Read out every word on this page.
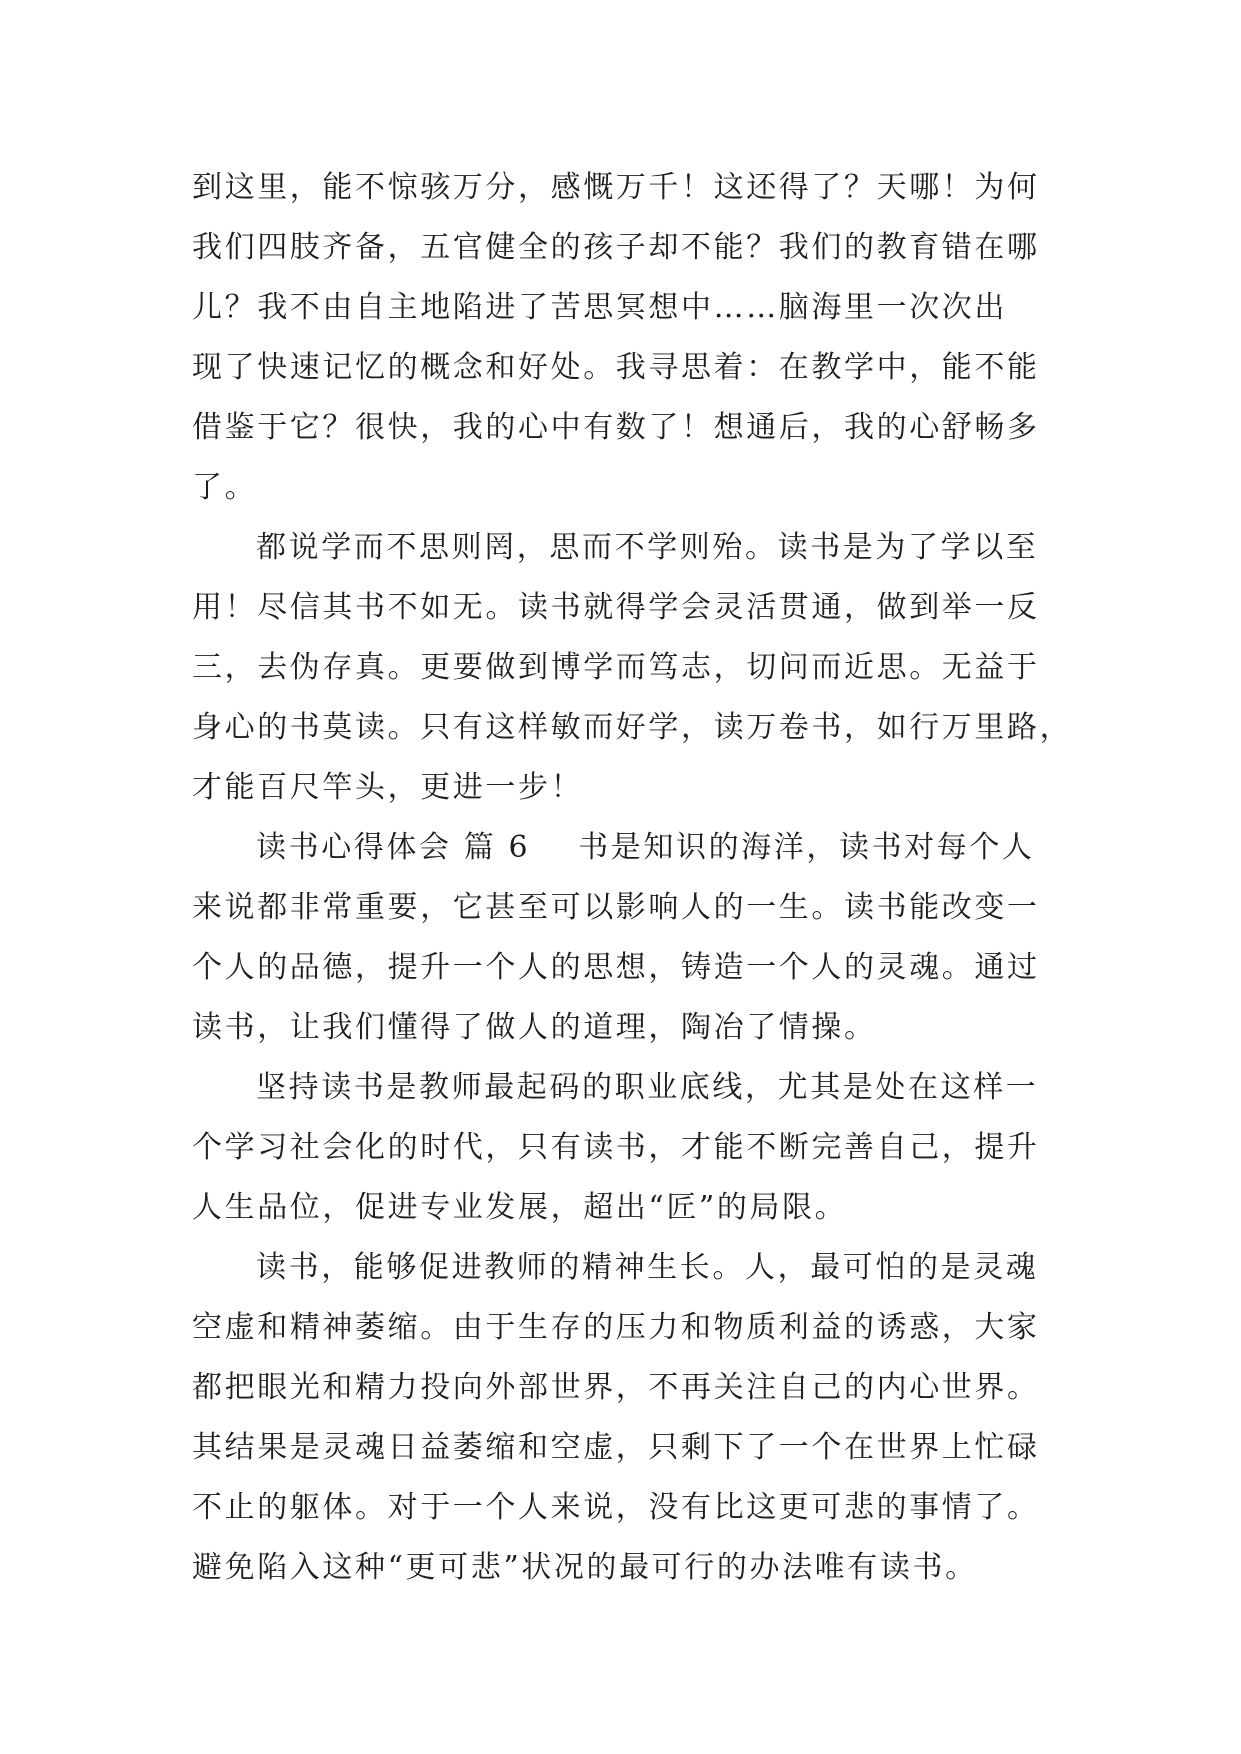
到这里，能不惊骇万分，感慨万千！这还得了？天哪！为何
我们四肢齐备，五官健全的孩子却不能？我们的教育错在哪
儿？我不由自主地陷进了苦思冥想中……脑海里一次次出
现了快速记忆的概念和好处。我寻思着：在教学中，能不能
借鉴于它？很快，我的心中有数了！想通后，我的心舒畅多
了。
都说学而不思则罔，思而不学则殆。读书是为了学以至
用！尽信其书不如无。读书就得学会灵活贯通，做到举一反
三，去伪存真。更要做到博学而笃志，切问而近思。无益于
身心的书莫读。只有这样敏而好学，读万卷书，如行万里路，
才能百尺竿头，更进一步！
读书心得体会 篇 6 书是知识的海洋，读书对每个人
来说都非常重要，它甚至可以影响人的一生。读书能改变一
个人的品德，提升一个人的思想，铸造一个人的灵魂。通过
读书，让我们懂得了做人的道理，陶冶了情操。
坚持读书是教师最起码的职业底线，尤其是处在这样一
个学习社会化的时代，只有读书，才能不断完善自己，提升
人生品位，促进专业发展，超出“匠”的局限。
读书，能够促进教师的精神生长。人，最可怕的是灵魂
空虚和精神萎缩。由于生存的压力和物质利益的诱惑，大家
都把眼光和精力投向外部世界，不再关注自己的内心世界。
其结果是灵魂日益萎缩和空虚，只剩下了一个在世界上忙碌
不止的躯体。对于一个人来说，没有比这更可悲的事情了。
避免陷入这种“更可悲”状况的最可行的办法唯有读书。
